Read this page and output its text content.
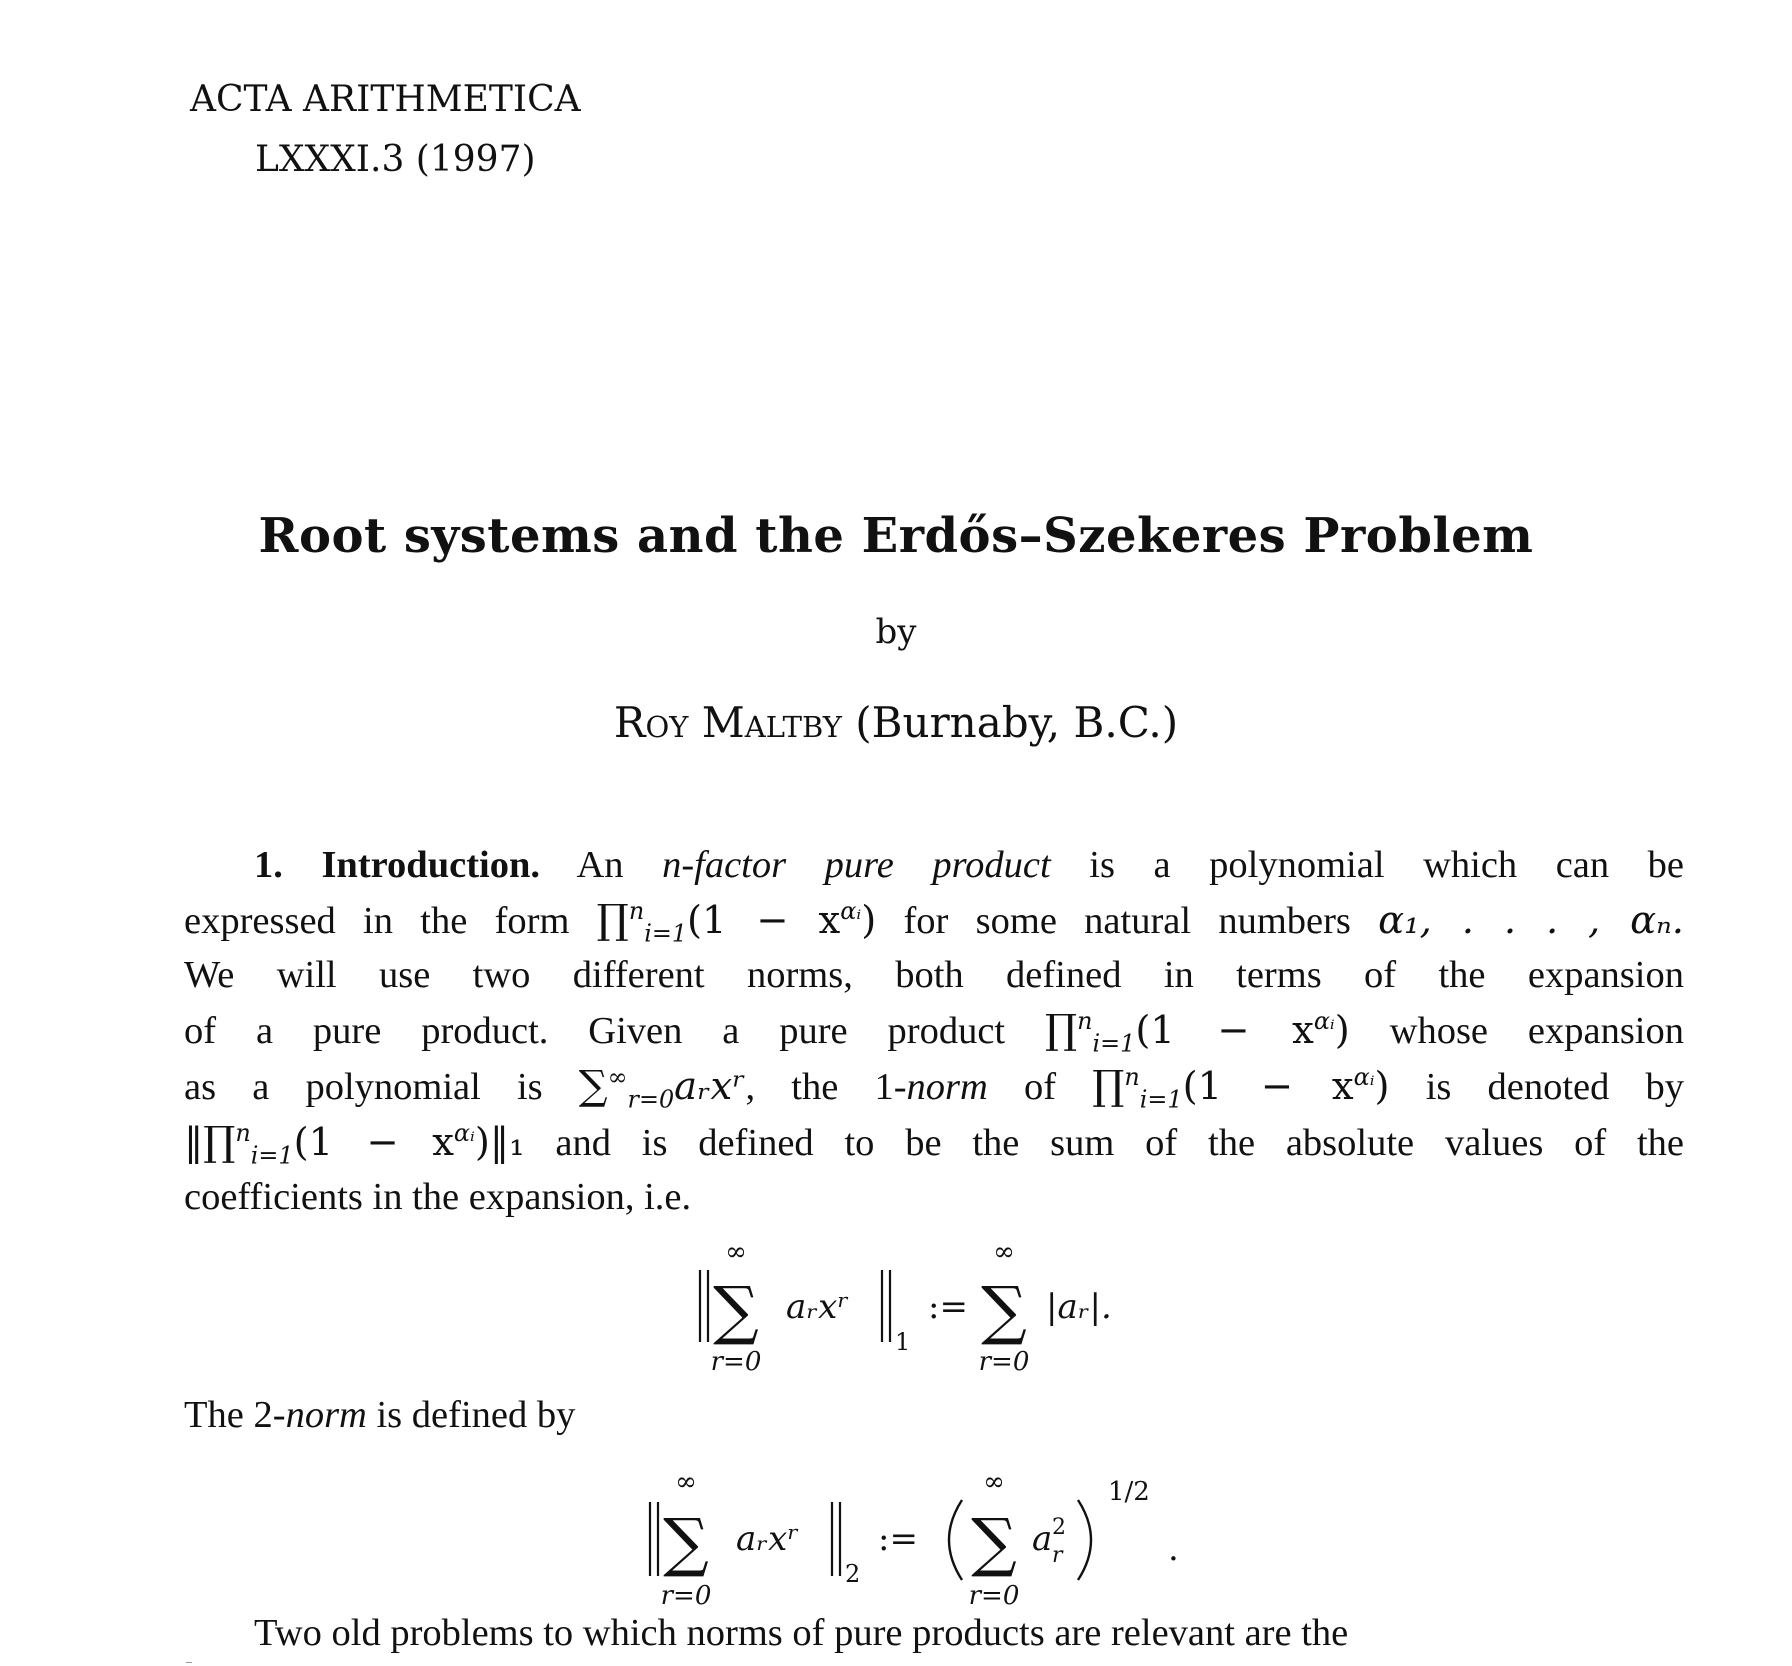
ACTA ARITHMETICA
LXXXI.3 (1997)
Root systems and the Erdős–Szekeres Problem
by
Roy Maltby (Burnaby, B.C.)
1. Introduction. An n-factor pure product is a polynomial which can be
expressed in the form ∏$^n_{i=1}$(1 − $x^{\alpha ᵢ}$) for some natural numbers α₁, . . . , αₙ.
We will use two different norms, both defined in terms of the expansion
of a pure product. Given a pure product ∏$^n_{i=1}$(1 − $x^{\alpha ᵢ}$) whose expansion
as a polynomial is $\sum^\infty_{r=0}aᵣxʳ$, the 1-norm of ∏$^n_{i=1}$(1 − $x^{\alpha ᵢ}$) is denoted by
‖∏$^n_{i=1}$(1 − $x^{\alpha ᵢ})‖_1$ and is defined to be the sum of the absolute values of the
coefficients in the expansion, i.e.
∞
∑
r=0
aᵣxʳ
1
:=
∞
∑
r=0
|aᵣ|.
The 2-norm is defined by
∞
∑
r=0
aᵣxʳ
2
:=
∞
∑
r=0
a 2
r
1/2
.
Two old problems to which norms of pure products are relevant are the
